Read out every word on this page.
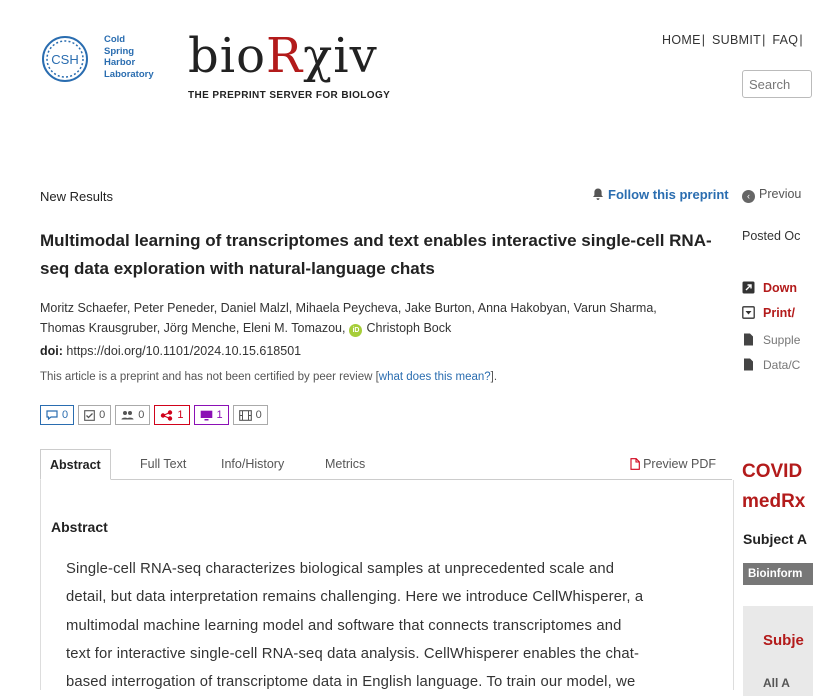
CSH
Cold
Spring
Harbor
Laboratory bioRχiv
THE PREPRINT SERVER FOR BIOLOGY
HOME| SUBMIT| FAQ|
Search
New Results	Follow this preprint
Multimodal learning of transcriptomes and text enables interactive single-cell RNA-seq data exploration with natural-language chats
Moritz Schaefer, Peter Peneder, Daniel Malzl, Mihaela Peycheva, Jake Burton, Anna Hakobyan, Varun Sharma,
Thomas Krausgruber, Jörg Menche, Eleni M. Tomazou, iD Christoph Bock
doi: https://doi.org/10.1101/2024.10.15.618501
This article is a preprint and has not been certified by peer review [what does this mean?].
0	0	0	1	1	0
Abstract	Full Text	Info/History	Metrics	Preview PDF
Abstract
Single-cell RNA-seq characterizes biological samples at unprecedented scale and
detail, but data interpretation remains challenging. Here we introduce CellWhisperer, a
multimodal machine learning model and software that connects transcriptomes and
text for interactive single-cell RNA-seq data analysis. CellWhisperer enables the chat-
based interrogation of transcriptome data in English language. To train our model, we
‹ Previou
Posted Oc
Down
Print/
Supple
Data/C
COVID
medRx
Subject A
Bioinform
Subje
All A
